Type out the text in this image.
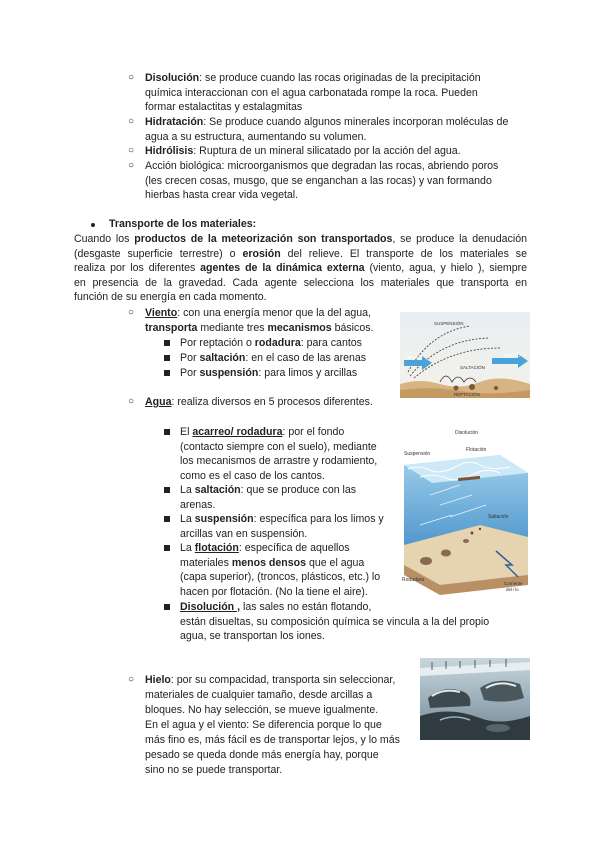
○ Disolución: se produce cuando las rocas originadas de la precipitación
química interaccionan con el agua carbonatada rompe la roca. Pueden
formar estalactitas y estalagmitas
○ Hidratación: Se produce cuando algunos minerales incorporan moléculas de
agua a su estructura, aumentando su volumen.
○ Hidrólisis: Ruptura de un mineral silicatado por la acción del agua.
○ Acción biológica: microorganismos que degradan las rocas, abriendo poros
(les crecen cosas, musgo, que se enganchan a las rocas) y van formando
hierbas hasta crear vida vegetal.
Transporte de los materiales:
Cuando los productos de la meteorización son transportados, se produce la denudación
(desgaste superficie terrestre) o erosión del relieve. El transporte de los materiales se
realiza por los diferentes agentes de la dinámica externa (viento, agua, y hielo ), siempre
en presencia de la gravedad. Cada agente selecciona los materiales que transporta en
función de su energía en cada momento.
○ Viento: con una energía menor que la del agua,
transporta mediante tres mecanismos básicos.
Por reptación o rodadura: para cantos
Por saltación: en el caso de las arenas
Por suspensión: para limos y arcillas
SUSPENSIÓN
VIENTO	VIENTO
SALTACIÓN
REPTACIÓN
○ Agua: realiza diversos en 5 procesos diferentes.
El acarreo/ rodadura: por el fondo
(contacto siempre con el suelo), mediante
los mecanismos de arrastre y rodamiento,
como es el caso de los cantos.
La saltación: que se produce con las
arenas.
La suspensión: específica para los limos y
arcillas van en suspensión.
La flotación: específica de aquellos
materiales menos densos que el agua
(capa superior), (troncos, plásticos, etc.) lo
hacen por flotación. (No la tiene el aire).
Disolución , las sales no están flotando,
están disueltas, su composición química se vincula a la del propio
agua, se transportan los iones.
Disolución
Suspensión
Flotación
Saltación
Rodadura
Corriente
del río
○ Hielo: por su compacidad, transporta sin seleccionar,
materiales de cualquier tamaño, desde arcillas a
bloques. No hay selección, se mueve igualmente.
En el agua y el viento: Se diferencia porque lo que
más fino es, más fácil es de transportar lejos, y lo más
pesado se queda donde más energía hay, porque
sino no se puede transportar.
